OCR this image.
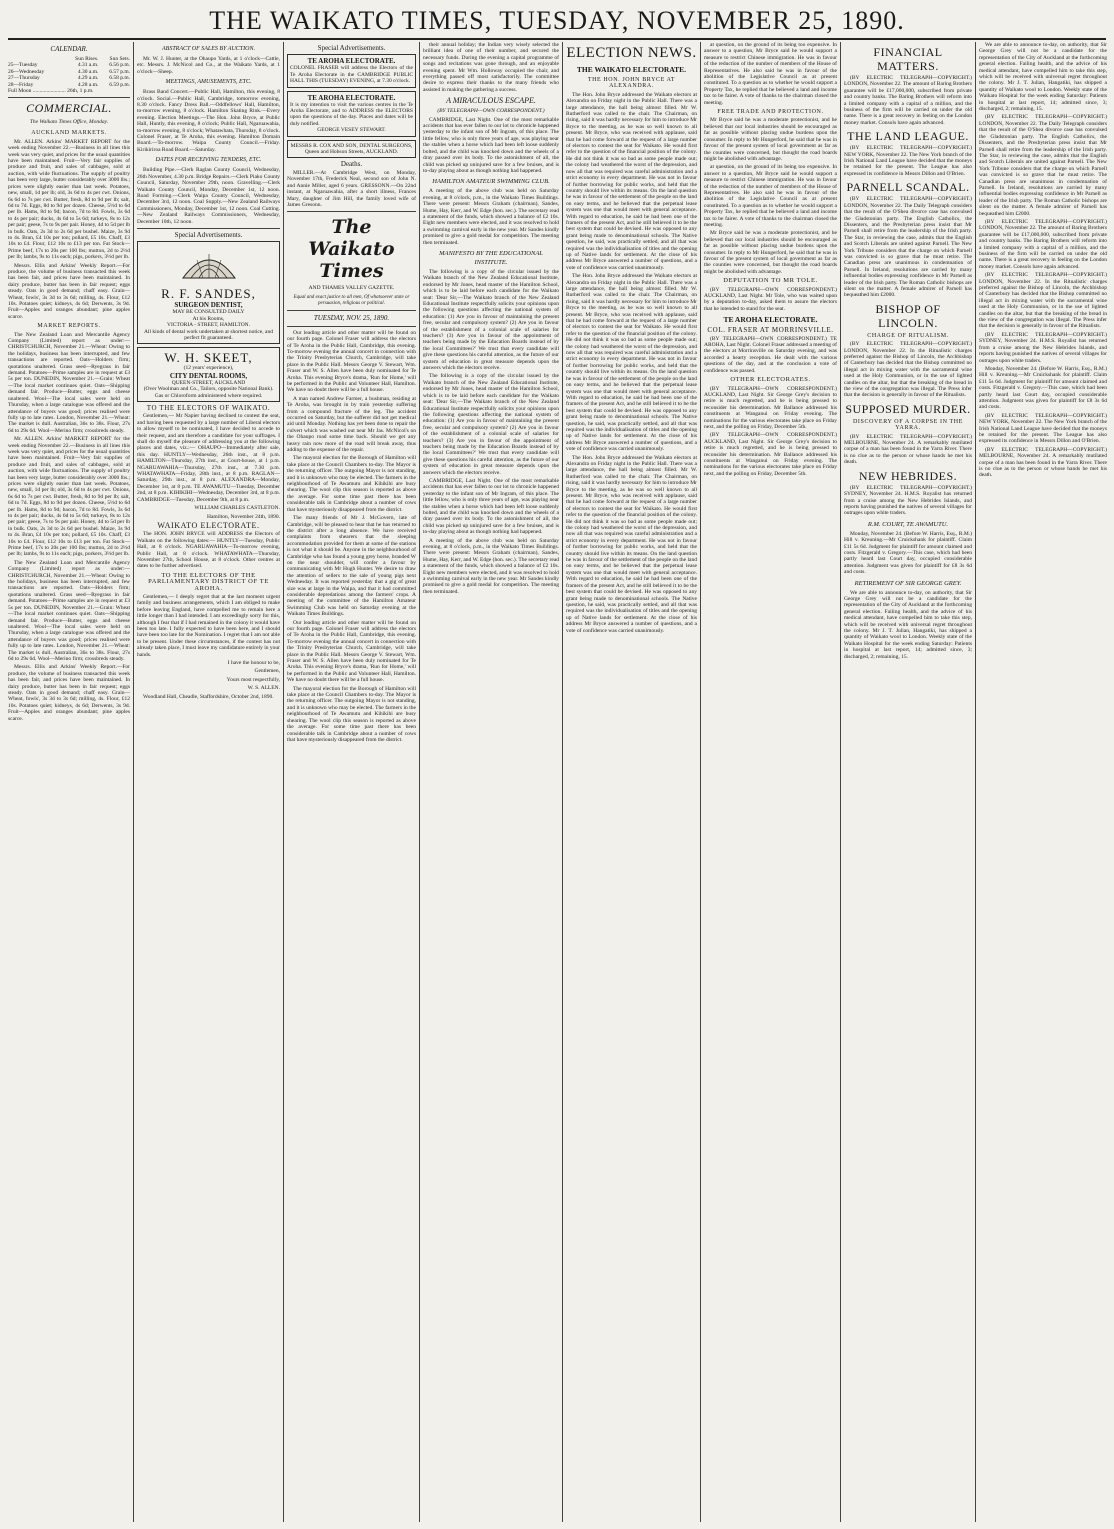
THE WAIKATO TIMES, TUESDAY, NOVEMBER 25, 1890.
CALENDAR.
	Sun Rises.	Sun Sets.
25—Tuesday	4.31 a.m.	6.56 p.m.
26—Wednesday	4.30 a.m.	6.57 p.m.
27—Thursday	4.29 a.m.	6.58 p.m.
28—Friday	4.28 a.m.	6.59 p.m.

Full Moon ........................ 26th, 1 p.m.

COMMERCIAL.
The Waikato Times Office, Monday.
AUCKLAND MARKETS.

Mr. ALLEN. Arkins' MARKET REPORT for the week ending November 22.—Business in all lines this week was very quiet, and prices for the usual quantities have been maintained. Fruit—Very fair supplies of produce and fruit, and sales of cabbages, sold at auction, with wide fluctuations. The supply of poultry has been very large, butter considerably over 3000 lbs.; prices were slightly easier than last week. Potatoes, new, small, 1d per lb; old, 3s 6d to 4s per cwt. Onions, 6s 6d to 7s per cwt. Butter, fresh, 8d to 9d per lb; salt, 6d to 7d. Eggs, 8d to 9d per dozen. Cheese, 5½d to 6d per lb. Hams, 8d to 9d; bacon, 7d to 8d. Fowls, 3s 6d to 4s per pair; ducks, 4s 6d to 5s 6d; turkeys, 8s to 12s per pair; geese, 7s to 9s per pair. Honey, 4d to 5d per lb in bulk. Oats, 2s 3d to 2s 6d per bushel. Maize, 3s 9d to 4s. Bran, £4 10s per ton; pollard, £5 10s. Chaff, £3 10s to £4. Flour, £12 10s to £13 per ton. Fat Stock—Prime beef, 17s to 20s per 100 lbs; mutton, 2d to 2½d per lb; lambs, 9s to 11s each; pigs, porkers, 3½d per lb.

Messrs. Ellis and Arkins' Weekly Report.—For produce, the volume of business transacted this week has been fair, and prices have been maintained. In dairy produce, butter has been in fair request; eggs steady. Oats in good demand; chaff easy. Grain—Wheat, fowls', 3s 3d to 3s 6d; milling, 4s. Flour, £12 10s. Potatoes quiet; kidneys, 4s 6d; Derwents, 3s 9d. Fruit—Apples and oranges abundant; pine apples scarce.

MARKET REPORTS.

The New Zealand Loan and Mercantile Agency Company (Limited) report as under:— CHRISTCHURCH, November 21.—Wheat: Owing to the holidays, business has been interrupted, and few transactions are reported. Oats—Holders firm; quotations unaltered. Grass seed—Ryegrass in fair demand. Potatoes—Prime samples are in request at £3 5s per ton. DUNEDIN, November 21.—Grain: Wheat—The local market continues quiet. Oats—Shipping demand fair. Produce—Butter, eggs and cheese unaltered. Wool—The local sales were held on Thursday, when a large catalogue was offered and the attendance of buyers was good; prices realised were fully up to late rates. London, November 21.—Wheat: The market is dull. Australian, 36s to 38s. Flour, 27s 6d to 29s 6d. Wool—Merino firm; crossbreds steady.

Mr. ALLEN. Arkins' MARKET REPORT for the week ending November 22.—Business in all lines this week was very quiet, and prices for the usual quantities have been maintained. Fruit—Very fair supplies of produce and fruit, and sales of cabbages, sold at auction, with wide fluctuations. The supply of poultry has been very large, butter considerably over 3000 lbs.; prices were slightly easier than last week. Potatoes, new, small, 1d per lb; old, 3s 6d to 4s per cwt. Onions, 6s 6d to 7s per cwt. Butter, fresh, 8d to 9d per lb; salt, 6d to 7d. Eggs, 8d to 9d per dozen. Cheese, 5½d to 6d per lb. Hams, 8d to 9d; bacon, 7d to 8d. Fowls, 3s 6d to 4s per pair; ducks, 4s 6d to 5s 6d; turkeys, 8s to 12s per pair; geese, 7s to 9s per pair. Honey, 4d to 5d per lb in bulk. Oats, 2s 3d to 2s 6d per bushel. Maize, 3s 9d to 4s. Bran, £4 10s per ton; pollard, £5 10s. Chaff, £3 10s to £4. Flour, £12 10s to £13 per ton. Fat Stock—Prime beef, 17s to 20s per 100 lbs; mutton, 2d to 2½d per lb; lambs, 9s to 11s each; pigs, porkers, 3½d per lb.

The New Zealand Loan and Mercantile Agency Company (Limited) report as under:— CHRISTCHURCH, November 21.—Wheat: Owing to the holidays, business has been interrupted, and few transactions are reported. Oats—Holders firm; quotations unaltered. Grass seed—Ryegrass in fair demand. Potatoes—Prime samples are in request at £3 5s per ton. DUNEDIN, November 21.—Grain: Wheat—The local market continues quiet. Oats—Shipping demand fair. Produce—Butter, eggs and cheese unaltered. Wool—The local sales were held on Thursday, when a large catalogue was offered and the attendance of buyers was good; prices realised were fully up to late rates. London, November 21.—Wheat: The market is dull. Australian, 36s to 38s. Flour, 27s 6d to 29s 6d. Wool—Merino firm; crossbreds steady.

Messrs. Ellis and Arkins' Weekly Report.—For produce, the volume of business transacted this week has been fair, and prices have been maintained. In dairy produce, butter has been in fair request; eggs steady. Oats in good demand; chaff easy. Grain—Wheat, fowls', 3s 3d to 3s 6d; milling, 4s. Flour, £12 10s. Potatoes quiet; kidneys, 4s 6d; Derwents, 3s 9d. Fruit—Apples and oranges abundant; pine apples scarce.

ABSTRACT OF SALES BY AUCTION.

Mr. W. J. Hunter, at the Ohaupo Yards, at 1 o'clock—Cattle, etc. Messrs. J. McNicol and Co., at the Waikato Yards, at 1 o'clock—Sheep.

MEETINGS, AMUSEMENTS, ETC.

Brass Band Concert.—Public Hall, Hamilton, this evening, 8 o'clock. Social.—Public Hall, Cambridge, tomorrow evening, 8.30 o'clock. Fancy Dress Ball.—Oddfellows' Hall, Hamilton, to-morrow evening, 8 o'clock. Hamilton Skating Rink.—Every evening. Election Meetings.—The Hon. John Bryce, at Public Hall, Huntly, this evening, 8 o'clock; Public Hall, Ngaruawahia, to-morrow evening, 8 o'clock; Whatawhata, Thursday, 8 o'clock. Colonel Fraser, at Te Aroha, this evening. Hamilton Domain Board.—To-morrow. Waipa County Council.—Friday. Kirikiriroa Road Board.—Saturday.

DATES FOR RECEIVING TENDERS, ETC.

Building Pipe.—Clerk Raglan County Council, Wednesday, 26th November, 4.30 p.m. Bridge Repairs.—Clerk Piako County Council, Saturday, November 29th, noon. Gravelling.—Clerk Waikato County Council, Monday, December 1st, 12 noon. Road Forming.—Clerk Waipa County Council, Wednesday, December 3rd, 12 noon. Coal Supply.—New Zealand Railways Commissioners, Monday, December 1st, 12 noon. Coal Cutting.—New Zealand Railways Commissioners, Wednesday, December 10th, 12 noon.

Special Advertisements.
R. F. SANDES,
SURGEON DENTIST,
MAY BE CONSULTED DAILY
At his Rooms,
VICTORIA - STREET, HAMILTON.
All kinds of dental work undertaken at shortest notice, and perfect fit guaranteed.
W. H. SKEET,
(12 years' experience),
CITY DENTAL ROOMS,
QUEEN-STREET, AUCKLAND
(Over Woolman and Co., Tailors, opposite National Bank).
Gas or Chloroform administered where required.
TO THE ELECTORS OF WAIKATO.

Gentlemen,— Mr Napier having declined to contest the seat, and having been requested by a large number of Liberal electors to allow myself to be nominated, I have decided to accede to their request, and am therefore a candidate for your suffrages. I shall do myself the pleasure of addressing you at the following places and dates, viz.:— OHAUPO—Immediately after sale, this day. HUNTLY—Wednesday, 26th inst., at 8 p.m. HAMILTON—Thursday, 27th inst., at Court-house, at 1 p.m. NGARUAWAHIA—Thursday, 27th inst., at 7.30 p.m. WHATAWHATA—Friday, 28th inst., at 8 p.m. RAGLAN—Saturday, 29th inst., at 8 p.m. ALEXANDRA—Monday, December 1st, at 8 p.m. TE AWAMUTU—Tuesday, December 2nd, at 8 p.m. KIHIKIHI—Wednesday, December 3rd, at 8 p.m. CAMBRIDGE—Tuesday, December 9th, at 8 p.m.

WILLIAM CHARLES CASTLETON.

Hamilton, November 24th, 1890.

WAIKATO ELECTORATE.

The HON. JOHN BRYCE will ADDRESS the Electors of Waikato on the following dates:— HUNTLY—Tuesday, Public Hall, at 8 o'clock. NGARUAWAHIA—To-morrow evening, Public Hall, at 8 o'clock. WHATAWHATA—Thursday, November 27th, School House, at 8 o'clock. Other centres at dates to be further advertised.

TO THE ELECTORS OF THE PARLIAMENTARY DISTRICT OF TE AROHA.

Gentlemen,— I deeply regret that at the last moment urgent family and business arrangements, which I am obliged to make before leaving England, have compelled me to remain here a little longer than I had intended. I am exceedingly sorry for this, although I fear that if I had remained in the colony it would have been too late. I fully expected to have been here, and I should have been too late for the Nomination. I regret that I am not able to be present. Under these circumstances, if the contest has not already taken place, I must leave my candidature entirely in your hands.

I have the honour to be,

Gentlemen,

Yours most respectfully,

W. S. ALLEN.

Woodland Hall, Cheadle, Staffordshire, October 2nd, 1890.

Special Advertisements.
TE AROHA ELECTORATE.
COLONEL FRASER will address the Electors of the Te Aroha Electorate in the CAMBRIDGE PUBLIC HALL THIS (TUESDAY) EVENING, at 7.30 o'clock.
TE AROHA ELECTORATE.
It is my intention to visit the various centres in the Te Aroha Electorate, and to ADDRESS the ELECTORS upon the questions of the day. Places and dates will be duly notified.
GEORGE VESEY STEWART.
MESSRS R. COX AND SON, DENTAL SURGEONS, Queen and Hobson Streets, AUCKLAND.
Deaths.

MILLER.—At Cambridge West, on Monday, November 17th, Frederick Neal, second son of John N. and Annie Miller, aged 6 years. GRESSONN.—On 22nd instant, at Ngaruawahia, after a short illness, Frances Mary, daughter of Jim Hill, the family loved wife of James Gresonn.

The Waikato Times
AND THAMES VALLEY GAZETTE.
Equal and exact justice to all men, Of whatsoever state or persuasion, religious or political.
TUESDAY, NOV. 25, 1890.

Our leading article and other matter will be found on our fourth page. Colonel Fraser will address the electors of Te Aroha in the Public Hall, Cambridge, this evening. To-morrow evening the annual concert in connection with the Trinity Presbyterian Church, Cambridge, will take place in the Public Hall. Messrs George V. Stewart, Wm. Fraser and W. S. Allen have been duly nominated for Te Aroha. This evening Bryce's drama, 'Run for Home,' will be performed in the Public and Volunteer Hall, Hamilton. We have no doubt there will be a full house.

A man named Andrew Farmer, a bushman, residing at Te Aroha, was brought in by train yesterday suffering from a compound fracture of the leg. The accident occurred on Saturday, but the sufferer did not get medical aid until Monday. Nothing has yet been done to repair the culvert which was washed out near Mr Jas. McNicol's on the Ohaupo road some time back. Should we get any heavy rain now more of the road will break away, thus adding to the expense of the repair.

The mayoral election for the Borough of Hamilton will take place at the Council Chambers to-day. The Mayor is the returning officer. The outgoing Mayor is not standing, and it is unknown who may be elected. The farmers in the neighbourhood of Te Awamutu and Kihikihi are busy shearing. The wool clip this season is reported as above the average. For some time past there has been considerable talk in Cambridge about a number of cows that have mysteriously disappeared from the district.

The many friends of Mr J. McGovern, late of Cambridge, will be pleased to hear that he has returned to the district after a long absence. We have received complaints from shearers that the sleeping accommodation provided for them at some of the stations is not what it should be. Anyone in the neighbourhood of Cambridge who has found a young grey horse, branded W on the near shoulder, will confer a favour by communicating with Mr Hugh Hunter. We desire to draw the attention of sellers to the sale of young pigs next Wednesday. It was reported yesterday that a gig of great size was at large in the Waipa, and that it had committed considerable depredations among the farmers' crops. A meeting of the committee of the Hamilton Amateur Swimming Club was held on Saturday evening at the Waikato Times Buildings.

Our leading article and other matter will be found on our fourth page. Colonel Fraser will address the electors of Te Aroha in the Public Hall, Cambridge, this evening. To-morrow evening the annual concert in connection with the Trinity Presbyterian Church, Cambridge, will take place in the Public Hall. Messrs George V. Stewart, Wm. Fraser and W. S. Allen have been duly nominated for Te Aroha. This evening Bryce's drama, 'Run for Home,' will be performed in the Public and Volunteer Hall, Hamilton. We have no doubt there will be a full house.

The mayoral election for the Borough of Hamilton will take place at the Council Chambers to-day. The Mayor is the returning officer. The outgoing Mayor is not standing, and it is unknown who may be elected. The farmers in the neighbourhood of Te Awamutu and Kihikihi are busy shearing. The wool clip this season is reported as above the average. For some time past there has been considerable talk in Cambridge about a number of cows that have mysteriously disappeared from the district.

their annual holiday; the Indian very wisely selected the brilliant idea of one of their number, and secured the necessary funds. During the evening a capital programme of songs and recitations was gone through, and an enjoyable evening spent. Mr Wm. Holloway occupied the chair, and everything passed off most satisfactorily. The committee desire to express their thanks to the many friends who assisted in making the gathering a success.

A MIRACULOUS ESCAPE.
(BY TELEGRAPH—OWN CORRESPONDENT.)

CAMBRIDGE, Last Night. One of the most remarkable accidents that has ever fallen to our lot to chronicle happened yesterday to the infant son of Mr Ingram, of this place. The little fellow, who is only three years of age, was playing near the stables when a horse which had been left loose suddenly bolted, and the child was knocked down and the wheels of a dray passed over its body. To the astonishment of all, the child was picked up uninjured save for a few bruises, and is to-day playing about as though nothing had happened.

HAMILTON AMATEUR SWIMMING CLUB.

A meeting of the above club was held on Saturday evening, at 8 o'clock, p.m., in the Waikato Times Buildings. There were present: Messrs Graham (chairman), Sandes, Hume, Hay, Kerr, and W. Edge (hon. sec.). The secretary read a statement of the funds, which showed a balance of £2 10s. Eight new members were elected, and it was resolved to hold a swimming carnival early in the new year. Mr Sandes kindly promised to give a gold medal for competition. The meeting then terminated.

MANIFESTO BY THE EDUCATIONAL INSTITUTE.

The following is a copy of the circular issued by the Waikato branch of the New Zealand Educational Institute, endorsed by Mr Jones, head master of the Hamilton School, which is to be laid before each candidate for the Waikato seat: 'Dear Sir,—The Waikato branch of the New Zealand Educational Institute respectfully solicits your opinions upon the following questions affecting the national system of education: (1) Are you in favour of maintaining the present free, secular and compulsory system? (2) Are you in favour of the establishment of a colonial scale of salaries for teachers? (3) Are you in favour of the appointment of teachers being made by the Education Boards instead of by the local Committees?' We trust that every candidate will give these questions his careful attention, as the future of our system of education in great measure depends upon the answers which the electors receive.

The following is a copy of the circular issued by the Waikato branch of the New Zealand Educational Institute, endorsed by Mr Jones, head master of the Hamilton School, which is to be laid before each candidate for the Waikato seat: 'Dear Sir,—The Waikato branch of the New Zealand Educational Institute respectfully solicits your opinions upon the following questions affecting the national system of education: (1) Are you in favour of maintaining the present free, secular and compulsory system? (2) Are you in favour of the establishment of a colonial scale of salaries for teachers? (3) Are you in favour of the appointment of teachers being made by the Education Boards instead of by the local Committees?' We trust that every candidate will give these questions his careful attention, as the future of our system of education in great measure depends upon the answers which the electors receive.

CAMBRIDGE, Last Night. One of the most remarkable accidents that has ever fallen to our lot to chronicle happened yesterday to the infant son of Mr Ingram, of this place. The little fellow, who is only three years of age, was playing near the stables when a horse which had been left loose suddenly bolted, and the child was knocked down and the wheels of a dray passed over its body. To the astonishment of all, the child was picked up uninjured save for a few bruises, and is to-day playing about as though nothing had happened.

A meeting of the above club was held on Saturday evening, at 8 o'clock, p.m., in the Waikato Times Buildings. There were present: Messrs Graham (chairman), Sandes, Hume, Hay, Kerr, and W. Edge (hon. sec.). The secretary read a statement of the funds, which showed a balance of £2 10s. Eight new members were elected, and it was resolved to hold a swimming carnival early in the new year. Mr Sandes kindly promised to give a gold medal for competition. The meeting then terminated.

ELECTION NEWS.
THE WAIKATO ELECTORATE.
THE HON. JOHN BRYCE AT ALEXANDRA.

The Hon. John Bryce addressed the Waikato electors at Alexandra on Friday night in the Public Hall. There was a large attendance, the hall being almost filled. Mr W. Rutherford was called to the chair. The Chairman, on rising, said it was hardly necessary for him to introduce Mr Bryce to the meeting, as he was so well known to all present. Mr Bryce, who was received with applause, said that he had come forward at the request of a large number of electors to contest the seat for Waikato. He would first refer to the question of the financial position of the colony. He did not think it was so bad as some people made out; the colony had weathered the worst of the depression, and now all that was required was careful administration and a strict economy in every department. He was not in favour of further borrowing for public works, and held that the country should live within its means. On the land question he was in favour of the settlement of the people on the land on easy terms, and he believed that the perpetual lease system was one that would meet with general acceptance. With regard to education, he said he had been one of the framers of the present Act, and he still believed it to be the best system that could be devised. He was opposed to any grant being made to denominational schools. The Native question, he said, was practically settled, and all that was required was the individualisation of titles and the opening up of Native lands for settlement. At the close of his address Mr Bryce answered a number of questions, and a vote of confidence was carried unanimously.

The Hon. John Bryce addressed the Waikato electors at Alexandra on Friday night in the Public Hall. There was a large attendance, the hall being almost filled. Mr W. Rutherford was called to the chair. The Chairman, on rising, said it was hardly necessary for him to introduce Mr Bryce to the meeting, as he was so well known to all present. Mr Bryce, who was received with applause, said that he had come forward at the request of a large number of electors to contest the seat for Waikato. He would first refer to the question of the financial position of the colony. He did not think it was so bad as some people made out; the colony had weathered the worst of the depression, and now all that was required was careful administration and a strict economy in every department. He was not in favour of further borrowing for public works, and held that the country should live within its means. On the land question he was in favour of the settlement of the people on the land on easy terms, and he believed that the perpetual lease system was one that would meet with general acceptance. With regard to education, he said he had been one of the framers of the present Act, and he still believed it to be the best system that could be devised. He was opposed to any grant being made to denominational schools. The Native question, he said, was practically settled, and all that was required was the individualisation of titles and the opening up of Native lands for settlement. At the close of his address Mr Bryce answered a number of questions, and a vote of confidence was carried unanimously.

The Hon. John Bryce addressed the Waikato electors at Alexandra on Friday night in the Public Hall. There was a large attendance, the hall being almost filled. Mr W. Rutherford was called to the chair. The Chairman, on rising, said it was hardly necessary for him to introduce Mr Bryce to the meeting, as he was so well known to all present. Mr Bryce, who was received with applause, said that he had come forward at the request of a large number of electors to contest the seat for Waikato. He would first refer to the question of the financial position of the colony. He did not think it was so bad as some people made out; the colony had weathered the worst of the depression, and now all that was required was careful administration and a strict economy in every department. He was not in favour of further borrowing for public works, and held that the country should live within its means. On the land question he was in favour of the settlement of the people on the land on easy terms, and he believed that the perpetual lease system was one that would meet with general acceptance. With regard to education, he said he had been one of the framers of the present Act, and he still believed it to be the best system that could be devised. He was opposed to any grant being made to denominational schools. The Native question, he said, was practically settled, and all that was required was the individualisation of titles and the opening up of Native lands for settlement. At the close of his address Mr Bryce answered a number of questions, and a vote of confidence was carried unanimously.

at question, on the ground of its being too expensive. In answer to a question, Mr Bryce said he would support a measure to restrict Chinese immigration. He was in favour of the reduction of the number of members of the House of Representatives. He also said he was in favour of the abolition of the Legislative Council as at present constituted. To a question as to whether he would support a Property Tax, he replied that he believed a land and income tax to be fairer. A vote of thanks to the chairman closed the meeting.

FREE TRADE AND PROTECTION.

Mr Bryce said he was a moderate protectionist, and he believed that our local industries should be encouraged as far as possible without placing undue burdens upon the consumer. In reply to Mr Hungerford, he said that he was in favour of the present system of local government as far as the counties were concerned, but thought the road boards might be abolished with advantage.

at question, on the ground of its being too expensive. In answer to a question, Mr Bryce said he would support a measure to restrict Chinese immigration. He was in favour of the reduction of the number of members of the House of Representatives. He also said he was in favour of the abolition of the Legislative Council as at present constituted. To a question as to whether he would support a Property Tax, he replied that he believed a land and income tax to be fairer. A vote of thanks to the chairman closed the meeting.

Mr Bryce said he was a moderate protectionist, and he believed that our local industries should be encouraged as far as possible without placing undue burdens upon the consumer. In reply to Mr Hungerford, he said that he was in favour of the present system of local government as far as the counties were concerned, but thought the road boards might be abolished with advantage.

DEPUTATION TO MR TOLE.

(BY TELEGRAPH—OWN CORRESPONDENT.) AUCKLAND, Last Night. Mr Tole, who was waited upon by a deputation to-day, asked them to assure the electors that he intended to stand for the seat.

TE AROHA ELECTORATE.
COL. FRASER AT MORRINSVILLE.

(BY TELEGRAPH—OWN CORRESPONDENT.) TE AROHA, Last Night. Colonel Fraser addressed a meeting of the electors at Morrinsville on Saturday evening, and was accorded a hearty reception. He dealt with the various questions of the day, and at the conclusion a vote of confidence was passed.

OTHER ELECTORATES.

(BY TELEGRAPH—OWN CORRESPONDENT.) AUCKLAND, Last Night. Sir George Grey's decision to retire is much regretted, and he is being pressed to reconsider his determination. Mr Ballance addressed his constituents at Wanganui on Friday evening. The nominations for the various electorates take place on Friday next, and the polling on Friday, December 5th.

(BY TELEGRAPH—OWN CORRESPONDENT.) AUCKLAND, Last Night. Sir George Grey's decision to retire is much regretted, and he is being pressed to reconsider his determination. Mr Ballance addressed his constituents at Wanganui on Friday evening. The nominations for the various electorates take place on Friday next, and the polling on Friday, December 5th.

FINANCIAL MATTERS.

(BY ELECTRIC TELEGRAPH—COPYRIGHT.) LONDON, November 22. The amount of Baring Brothers guarantee will be £17,000,000, subscribed from private and country banks. The Baring Brothers will reform into a limited company with a capital of a million, and the business of the firm will be carried on under the old name. There is a great recovery in feeling on the London money market. Consols have again advanced.

THE LAND LEAGUE.

(BY ELECTRIC TELEGRAPH—COPYRIGHT.) NEW YORK, November 22. The New York branch of the Irish National Land League have decided that the moneys be retained for the present. The League has also expressed its confidence in Messrs Dillon and O'Brien.

PARNELL SCANDAL.

(BY ELECTRIC TELEGRAPH—COPYRIGHT.) LONDON, November 22. The Daily Telegraph considers that the result of the O'Shea divorce case has convulsed the Gladstonian party. The English Catholics, the Dissenters, and the Presbyterian press insist that Mr Parnell shall retire from the leadership of the Irish party. The Star, in reviewing the case, admits that the English and Scotch Liberals are united against Parnell. The New York Tribune considers that the charge on which Parnell was convicted is so grave that he must retire. The Canadian press are unanimous in condemnation of Parnell. In Ireland, resolutions are carried by many influential bodies expressing confidence in Mr Parnell as leader of the Irish party. The Roman Catholic bishops are silent on the matter. A female admirer of Parnell has bequeathed him £2000.

BISHOP OF LINCOLN.
CHARGE OF RITUALISM.

(BY ELECTRIC TELEGRAPH—COPYRIGHT.) LONDON, November 22. In the Ritualistic charges preferred against the Bishop of Lincoln, the Archbishop of Canterbury has decided that the Bishop committed no illegal act in mixing water with the sacramental wine used at the Holy Communion, or in the use of lighted candles on the altar, but that the breaking of the bread in the view of the congregation was illegal. The Press infer that the decision is generally in favour of the Ritualists.

SUPPOSED MURDER.
DISCOVERY OF A CORPSE IN THE YARRA.

(BY ELECTRIC TELEGRAPH—COPYRIGHT.) MELBOURNE, November 24. A remarkably mutilated corpse of a man has been found in the Yarra River. There is no clue as to the person or whose hands he met his death.

NEW HEBRIDES.

(BY ELECTRIC TELEGRAPH—COPYRIGHT.) SYDNEY, November 24. H.M.S. Royalist has returned from a cruise among the New Hebrides Islands, and reports having punished the natives of several villages for outrages upon white traders.

R.M. COURT, TE AWAMUTU.

Monday, November 24. (Before W. Harris, Esq., R.M.) Hill v. Kreuning.—Mr Cruickshank for plaintiff. Claim £11 5s 6d. Judgment for plaintiff for amount claimed and costs. Fitzgerald v. Gregory.—This case, which had been partly heard last Court day, occupied considerable attention. Judgment was given for plaintiff for £8 3s 6d and costs.

RETIREMENT OF SIR GEORGE GREY.

We are able to announce to-day, on authority, that Sir George Grey will not be a candidate for the representation of the City of Auckland at the forthcoming general election. Failing health, and the advice of his medical attendant, have compelled him to take this step, which will be received with universal regret throughout the colony. Mr J. T. Julian, Hangatiki, has shipped a quantity of Waikato wool to London. Weekly state of the Waikato Hospital for the week ending Saturday: Patients in hospital at last report, 14; admitted since, 3; discharged, 2; remaining, 15.

We are able to announce to-day, on authority, that Sir George Grey will not be a candidate for the representation of the City of Auckland at the forthcoming general election. Failing health, and the advice of his medical attendant, have compelled him to take this step, which will be received with universal regret throughout the colony. Mr J. T. Julian, Hangatiki, has shipped a quantity of Waikato wool to London. Weekly state of the Waikato Hospital for the week ending Saturday: Patients in hospital at last report, 14; admitted since, 3; discharged, 2; remaining, 15.

(BY ELECTRIC TELEGRAPH—COPYRIGHT.) LONDON, November 22. The Daily Telegraph considers that the result of the O'Shea divorce case has convulsed the Gladstonian party. The English Catholics, the Dissenters, and the Presbyterian press insist that Mr Parnell shall retire from the leadership of the Irish party. The Star, in reviewing the case, admits that the English and Scotch Liberals are united against Parnell. The New York Tribune considers that the charge on which Parnell was convicted is so grave that he must retire. The Canadian press are unanimous in condemnation of Parnell. In Ireland, resolutions are carried by many influential bodies expressing confidence in Mr Parnell as leader of the Irish party. The Roman Catholic bishops are silent on the matter. A female admirer of Parnell has bequeathed him £2000.

(BY ELECTRIC TELEGRAPH—COPYRIGHT.) LONDON, November 22. The amount of Baring Brothers guarantee will be £17,000,000, subscribed from private and country banks. The Baring Brothers will reform into a limited company with a capital of a million, and the business of the firm will be carried on under the old name. There is a great recovery in feeling on the London money market. Consols have again advanced.

(BY ELECTRIC TELEGRAPH—COPYRIGHT.) LONDON, November 22. In the Ritualistic charges preferred against the Bishop of Lincoln, the Archbishop of Canterbury has decided that the Bishop committed no illegal act in mixing water with the sacramental wine used at the Holy Communion, or in the use of lighted candles on the altar, but that the breaking of the bread in the view of the congregation was illegal. The Press infer that the decision is generally in favour of the Ritualists.

(BY ELECTRIC TELEGRAPH—COPYRIGHT.) SYDNEY, November 24. H.M.S. Royalist has returned from a cruise among the New Hebrides Islands, and reports having punished the natives of several villages for outrages upon white traders.

Monday, November 24. (Before W. Harris, Esq., R.M.) Hill v. Kreuning.—Mr Cruickshank for plaintiff. Claim £11 5s 6d. Judgment for plaintiff for amount claimed and costs. Fitzgerald v. Gregory.—This case, which had been partly heard last Court day, occupied considerable attention. Judgment was given for plaintiff for £8 3s 6d and costs.

(BY ELECTRIC TELEGRAPH—COPYRIGHT.) NEW YORK, November 22. The New York branch of the Irish National Land League have decided that the moneys be retained for the present. The League has also expressed its confidence in Messrs Dillon and O'Brien.

(BY ELECTRIC TELEGRAPH—COPYRIGHT.) MELBOURNE, November 24. A remarkably mutilated corpse of a man has been found in the Yarra River. There is no clue as to the person or whose hands he met his death.
